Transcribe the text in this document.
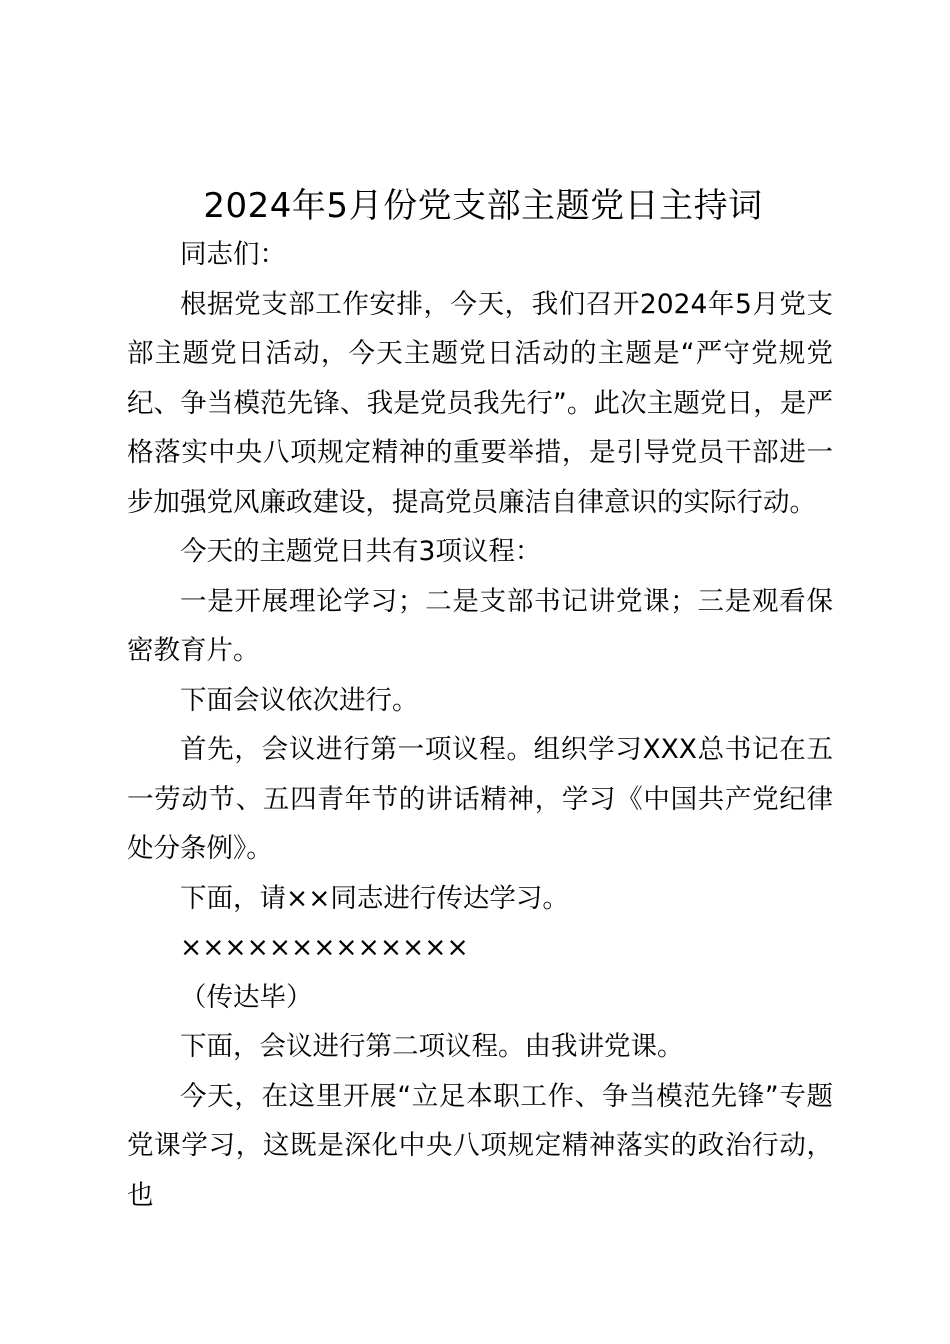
2024年5月份党支部主题党日主持词

同志们：

根据党支部工作安排，今天，我们召开2024年5月党支部主题党日活动，今天主题党日活动的主题是“严守党规党纪、争当模范先锋、我是党员我先行”。此次主题党日，是严格落实中央八项规定精神的重要举措，是引导党员干部进一步加强党风廉政建设，提高党员廉洁自律意识的实际行动。

今天的主题党日共有3项议程：

一是开展理论学习；二是支部书记讲党课；三是观看保密教育片。

下面会议依次进行。

首先，会议进行第一项议程。组织学习XXX总书记在五一劳动节、五四青年节的讲话精神，学习《中国共产党纪律处分条例》。

下面，请××同志进行传达学习。

×××××××××××××

（传达毕）

下面，会议进行第二项议程。由我讲党课。

今天，在这里开展“立足本职工作、争当模范先锋”专题党课学习，这既是深化中央八项规定精神落实的政治行动，也
